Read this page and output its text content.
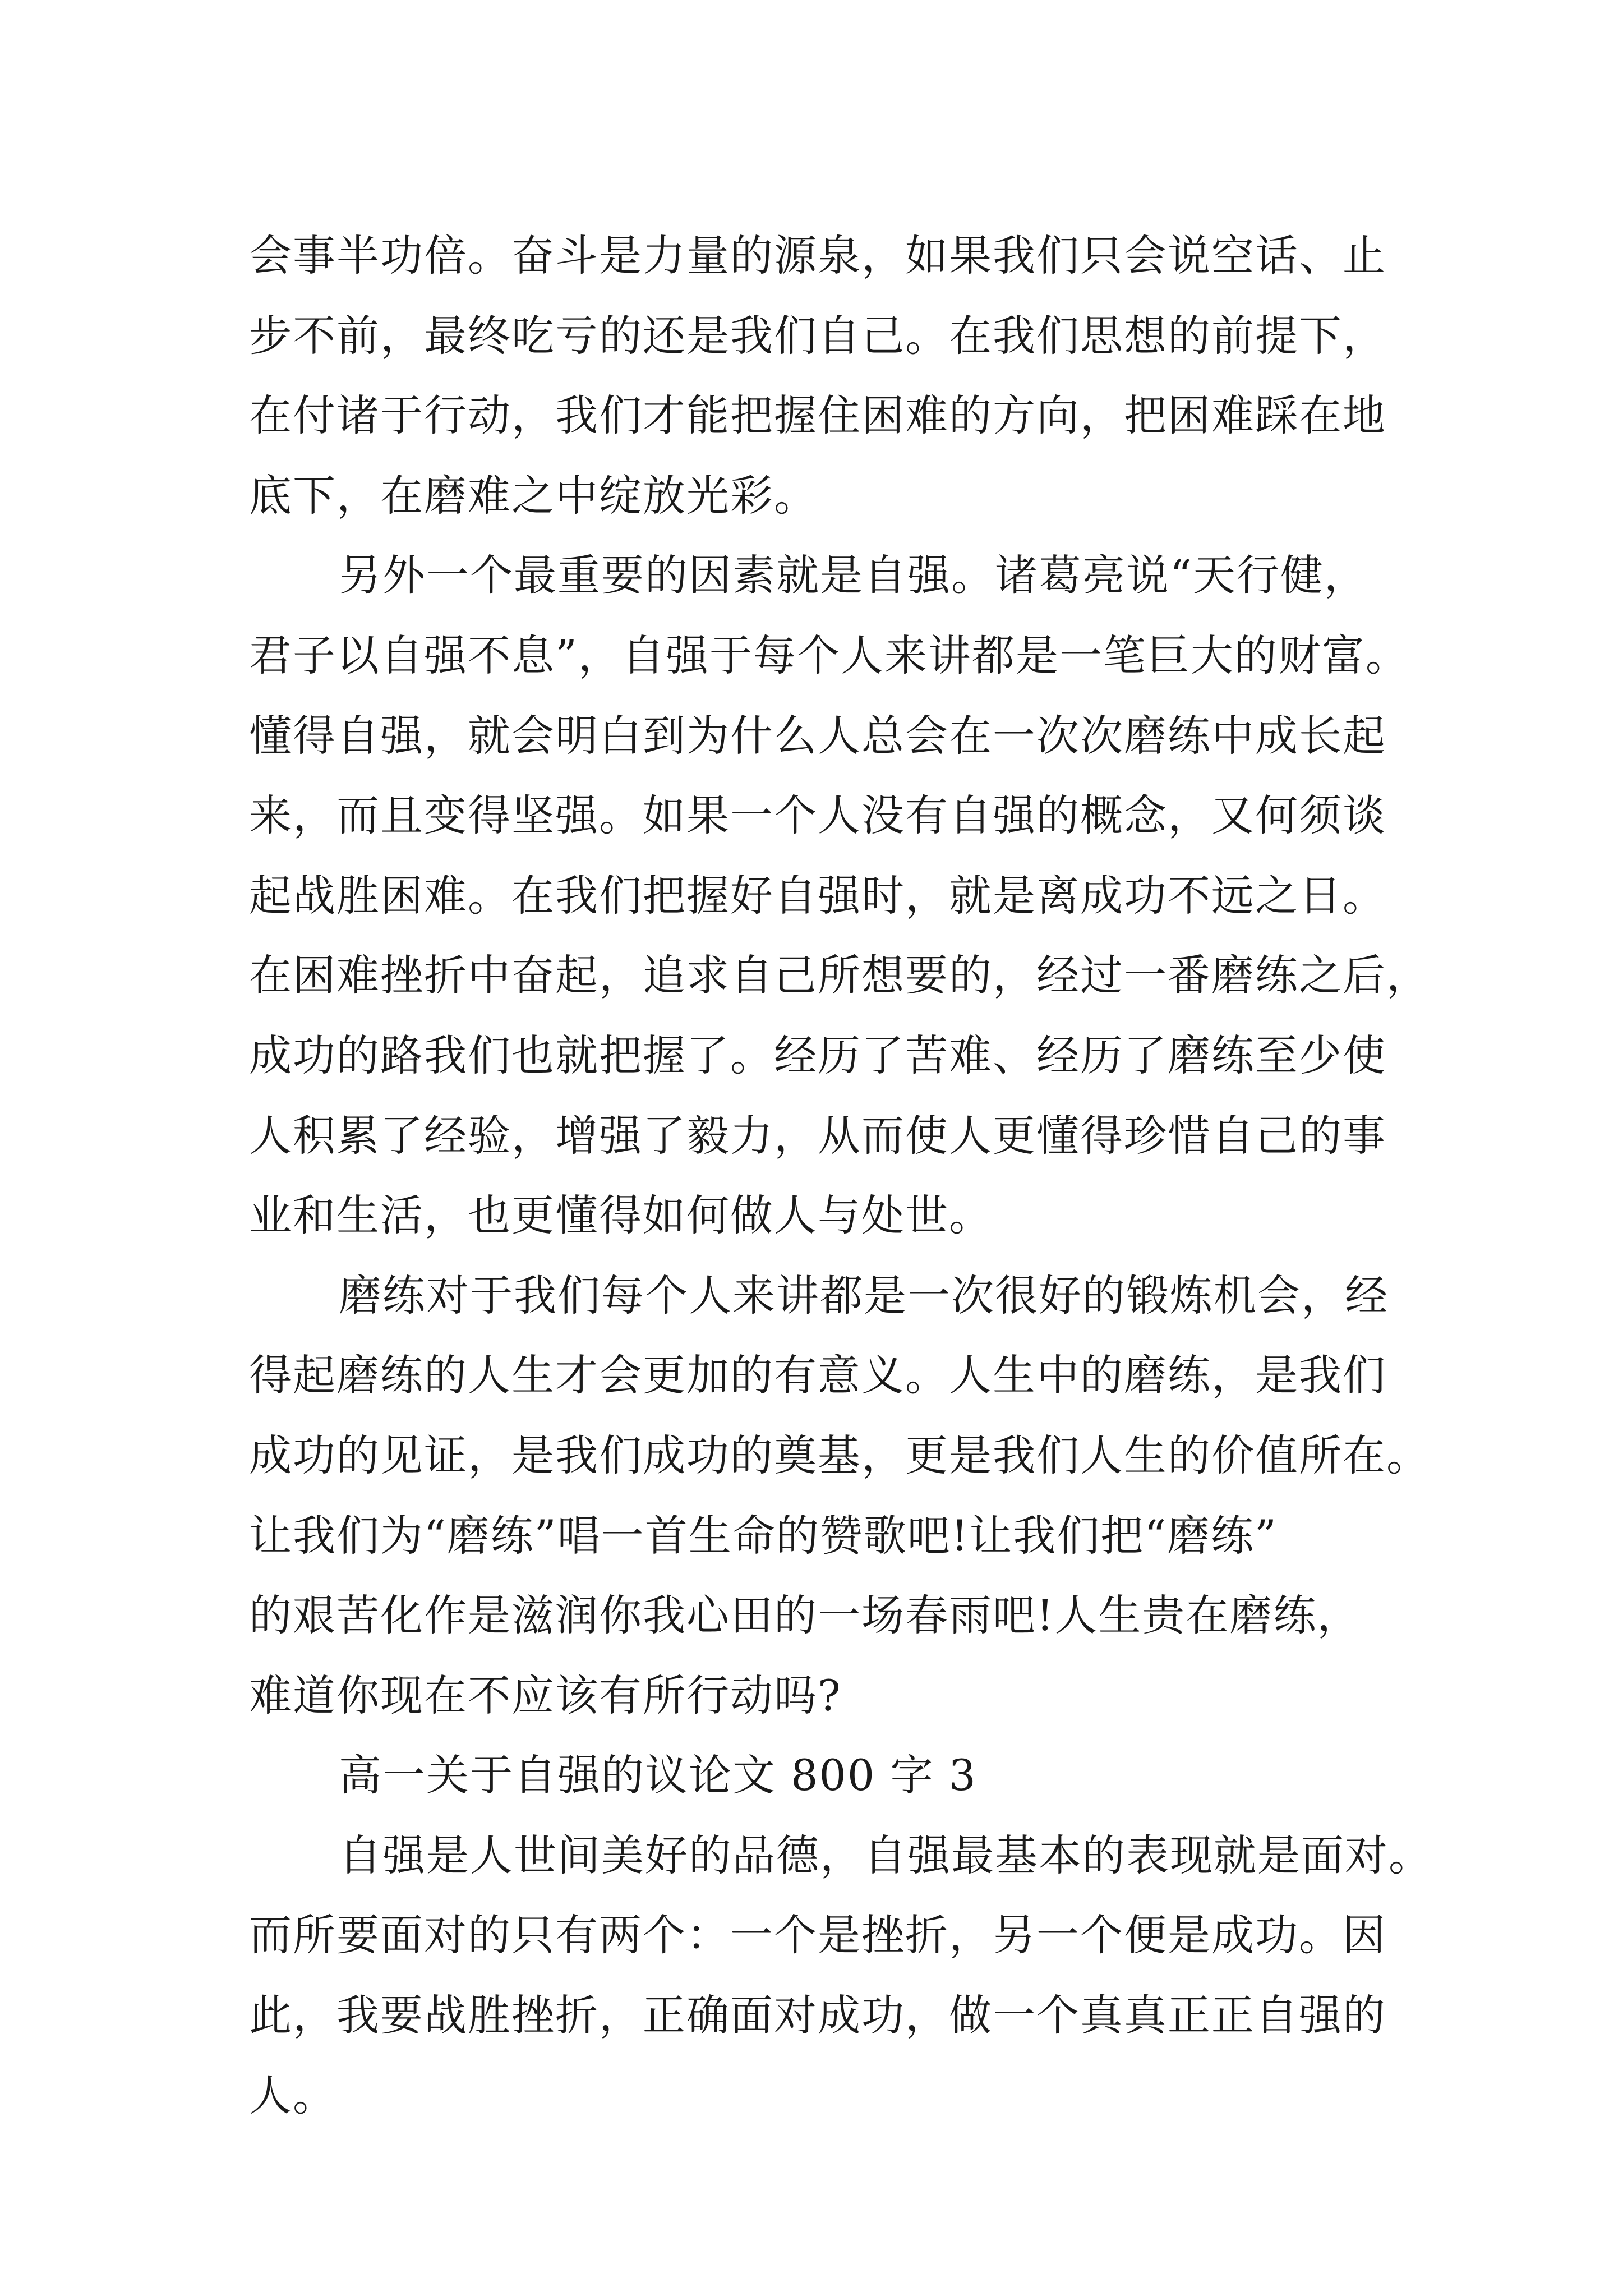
会事半功倍。奋斗是力量的源泉，如果我们只会说空话、止
步不前，最终吃亏的还是我们自己。在我们思想的前提下，
在付诸于行动，我们才能把握住困难的方向，把困难踩在地
底下，在磨难之中绽放光彩。
另外一个最重要的因素就是自强。诸葛亮说“天行健，
君子以自强不息”，自强于每个人来讲都是一笔巨大的财富。
懂得自强，就会明白到为什么人总会在一次次磨练中成长起
来，而且变得坚强。如果一个人没有自强的概念，又何须谈
起战胜困难。在我们把握好自强时，就是离成功不远之日。
在困难挫折中奋起，追求自己所想要的，经过一番磨练之后，
成功的路我们也就把握了。经历了苦难、经历了磨练至少使
人积累了经验，增强了毅力，从而使人更懂得珍惜自己的事
业和生活，也更懂得如何做人与处世。
磨练对于我们每个人来讲都是一次很好的锻炼机会，经
得起磨练的人生才会更加的有意义。人生中的磨练，是我们
成功的见证，是我们成功的奠基，更是我们人生的价值所在。
让我们为“磨练”唱一首生命的赞歌吧!让我们把“磨练”
的艰苦化作是滋润你我心田的一场春雨吧!人生贵在磨练，
难道你现在不应该有所行动吗?
高一关于自强的议论文 800 字 3
自强是人世间美好的品德，自强最基本的表现就是面对。
而所要面对的只有两个：一个是挫折，另一个便是成功。因
此，我要战胜挫折，正确面对成功，做一个真真正正自强的
人。
